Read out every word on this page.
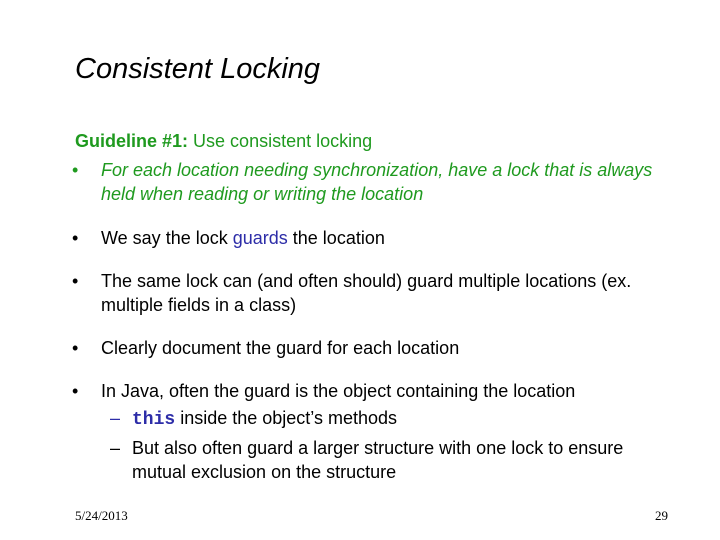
Consistent Locking
Guideline #1: Use consistent locking
•	For each location needing synchronization, have a lock that is always held when reading or writing the location
•	We say the lock guards the location
•	The same lock can (and often should) guard multiple locations (ex. multiple fields in a class)
•	Clearly document the guard for each location
•	In Java, often the guard is the object containing the location
– this inside the object’s methods
– But also often guard a larger structure with one lock to ensure mutual exclusion on the structure
5/24/2013	29
